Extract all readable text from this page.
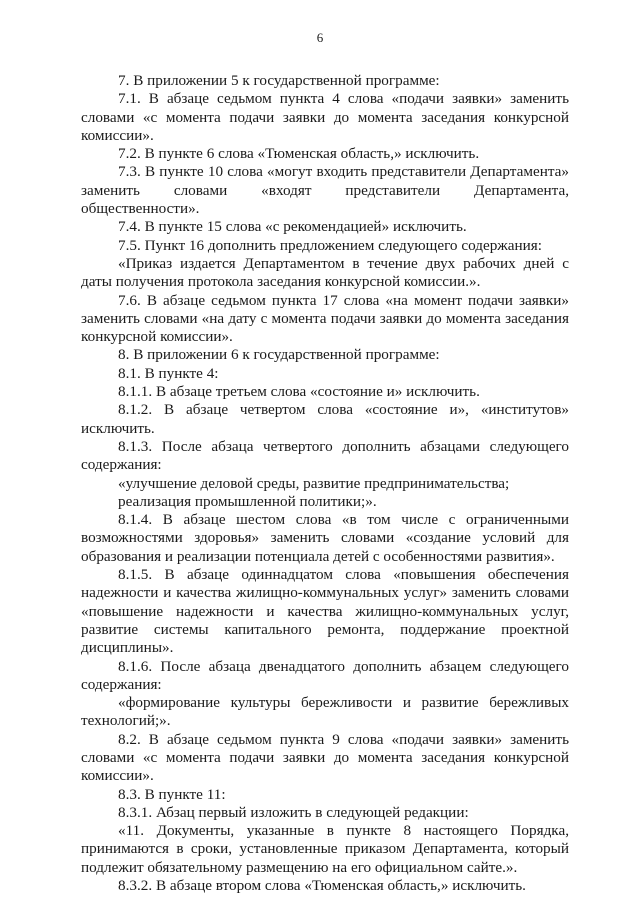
6

7. В приложении 5 к государственной программе:

7.1. В абзаце седьмом пункта 4 слова «подачи заявки» заменить словами «с момента подачи заявки до момента заседания конкурсной комиссии».

7.2. В пункте 6 слова «Тюменская область,» исключить.

7.3. В пункте 10 слова «могут входить представители Департамента» заменить словами «входят представители Департамента, общественности».

7.4. В пункте 15 слова «с рекомендацией» исключить.

7.5. Пункт 16 дополнить предложением следующего содержания:

«Приказ издается Департаментом в течение двух рабочих дней с даты получения протокола заседания конкурсной комиссии.».

7.6. В абзаце седьмом пункта 17 слова «на момент подачи заявки» заменить словами «на дату с момента подачи заявки до момента заседания конкурсной комиссии».

8. В приложении 6 к государственной программе:

8.1. В пункте 4:

8.1.1. В абзаце третьем слова «состояние и» исключить.

8.1.2. В абзаце четвертом слова «состояние и», «институтов» исключить.

8.1.3. После абзаца четвертого дополнить абзацами следующего содержания:

«улучшение деловой среды, развитие предпринимательства;

реализация промышленной политики;».

8.1.4. В абзаце шестом слова «в том числе с ограниченными возможностями здоровья» заменить словами «создание условий для образования и реализации потенциала детей с особенностями развития».

8.1.5. В абзаце одиннадцатом слова «повышения обеспечения надежности и качества жилищно-коммунальных услуг» заменить словами «повышение надежности и качества жилищно-коммунальных услуг, развитие системы капитального ремонта, поддержание проектной дисциплины».

8.1.6. После абзаца двенадцатого дополнить абзацем следующего содержания:

«формирование культуры бережливости и развитие бережливых технологий;».

8.2. В абзаце седьмом пункта 9 слова «подачи заявки» заменить словами «с момента подачи заявки до момента заседания конкурсной комиссии».

8.3. В пункте 11:

8.3.1. Абзац первый изложить в следующей редакции:

«11. Документы, указанные в пункте 8 настоящего Порядка, принимаются в сроки, установленные приказом Департамента, который подлежит обязательному размещению на его официальном сайте.».

8.3.2. В абзаце втором слова «Тюменская область,» исключить.
